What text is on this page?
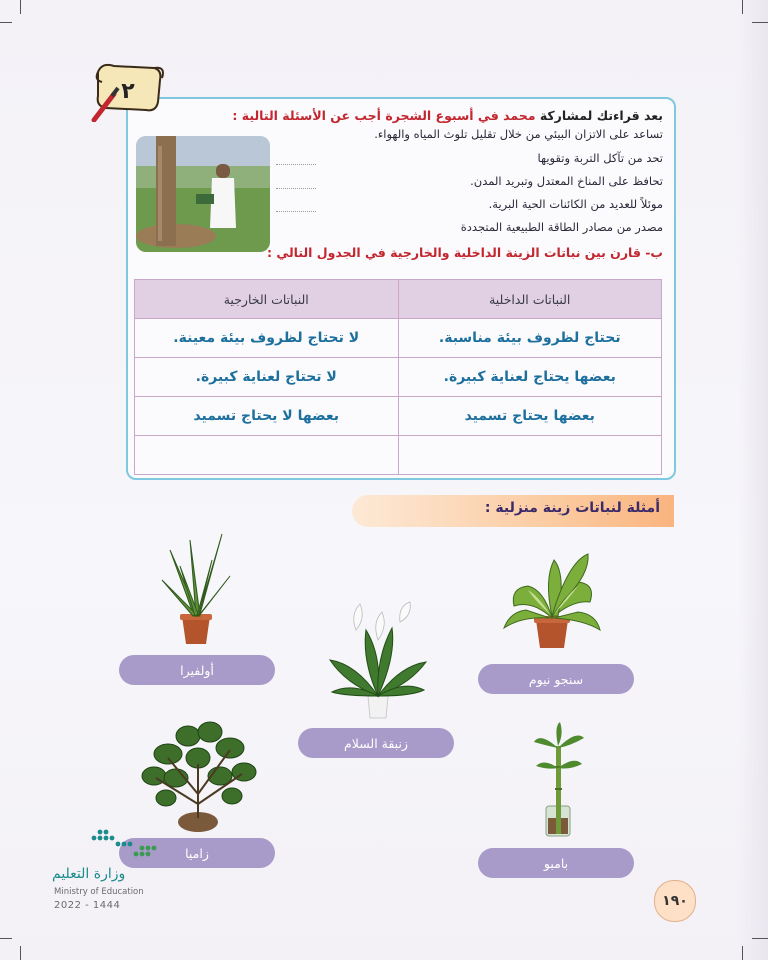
٢
بعد قراءتك لمشاركة محمد في أسبوع الشجرة أجب عن الأسئلة التالية :
تساعد على الاتزان البيئي من خلال تقليل تلوث المياه والهواء.
تحد من تآكل التربة وتقويها
تحافظ على المناخ المعتدل وتبريد المدن.
موئلاً للعديد من الكائنات الحية البرية.
مصدر من مصادر الطاقة الطبيعية المتجددة
ب- قارن بين نباتات الزينة الداخلية والخارجية في الجدول التالي :
النباتات الخارجية	النباتات الداخلية
لا تحتاج لظروف بيئة معينة.	تحتاج لظروف بيئة مناسبة.
لا تحتاج لعناية كبيرة.	بعضها يحتاج لعناية كبيرة.
بعضها لا يحتاج تسميد	بعضها يحتاج تسميد

أمثلة لنباتات زينة منزلية :
سنجو نيوم
أولفيرا
زنبقة السلام
زاميا
بامبو
وزارة التعليم
Ministry of Education
2022 - 1444	١٩٠
